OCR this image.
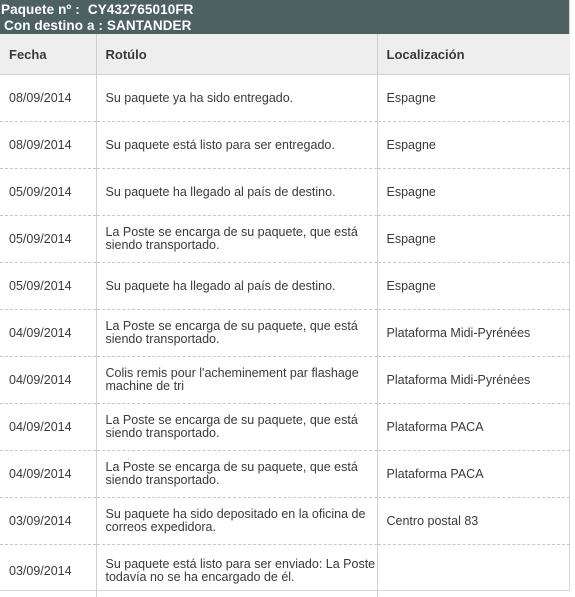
Paquete nº : CY432765010FR
Con destino a : SANTANDER
Fecha	Rotúlo	Localización
08/09/2014	Su paquete ya ha sido entregado.	Espagne
08/09/2014	Su paquete está listo para ser entregado.	Espagne
05/09/2014	Su paquete ha llegado al país de destino.	Espagne
05/09/2014	La Poste se encarga de su paquete, que está siendo transportado.	Espagne
05/09/2014	Su paquete ha llegado al país de destino.	Espagne
04/09/2014	La Poste se encarga de su paquete, que está siendo transportado.	Plataforma Midi-Pyrénées
04/09/2014	Colis remis pour l'acheminement par flashage machine de tri	Plataforma Midi-Pyrénées
04/09/2014	La Poste se encarga de su paquete, que está siendo transportado.	Plataforma PACA
04/09/2014	La Poste se encarga de su paquete, que está siendo transportado.	Plataforma PACA
03/09/2014	Su paquete ha sido depositado en la oficina de correos expedidora.	Centro postal 83
03/09/2014	Su paquete está listo para ser enviado: La Poste todavía no se ha encargado de él.	
